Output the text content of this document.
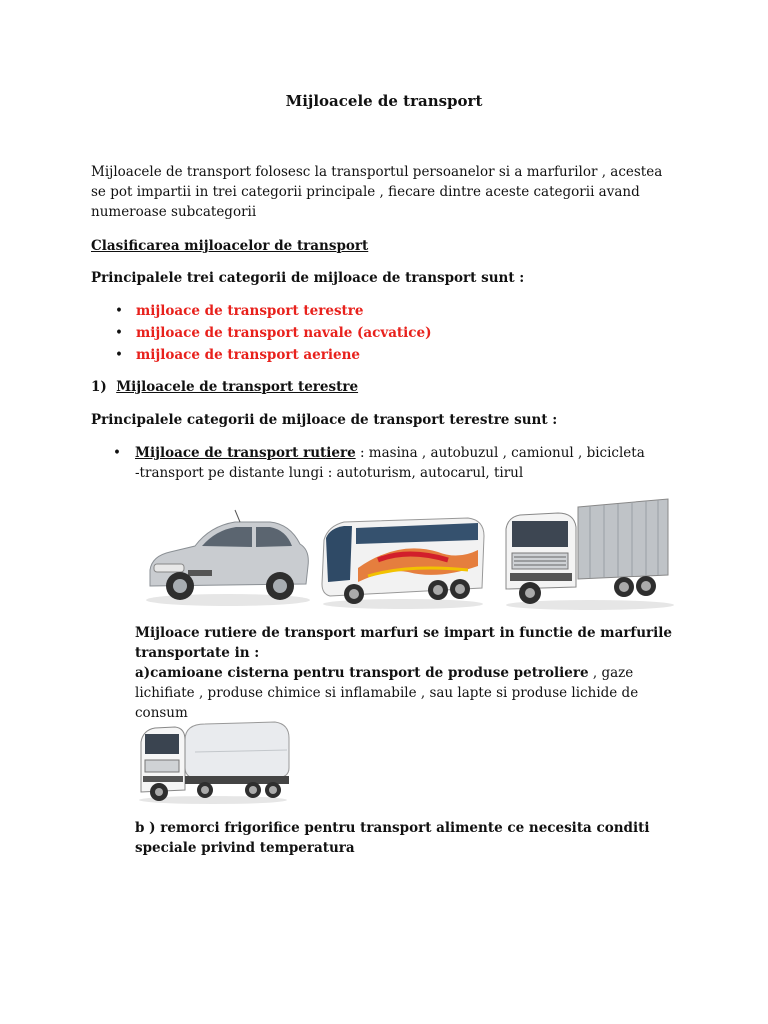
Mijloacele de transport
Mijloacele de transport folosesc la transportul persoanelor si a marfurilor , acestea se pot impartii in trei categorii principale , fiecare dintre aceste categorii avand numeroase subcategorii
Clasificarea mijloacelor de transport
Principalele trei categorii de mijloace de transport sunt :
• mijloace de transport terestre
• mijloace de transport navale (acvatice)
• mijloace de transport aeriene
1) Mijloacele de transport terestre
Principalele categorii de mijloace de transport terestre sunt :
• Mijloace de transport rutiere : masina , autobuzul , camionul , bicicleta
-transport pe distante lungi : autoturism, autocarul, tirul
Mijloace rutiere de transport marfuri se impart in functie de marfurile transportate in :
a)camioane cisterna pentru transport de produse petroliere , gaze lichifiate , produse chimice si inflamabile , sau lapte si produse lichide de consum
b ) remorci frigorifice pentru transport alimente ce necesita conditi speciale privind temperatura
